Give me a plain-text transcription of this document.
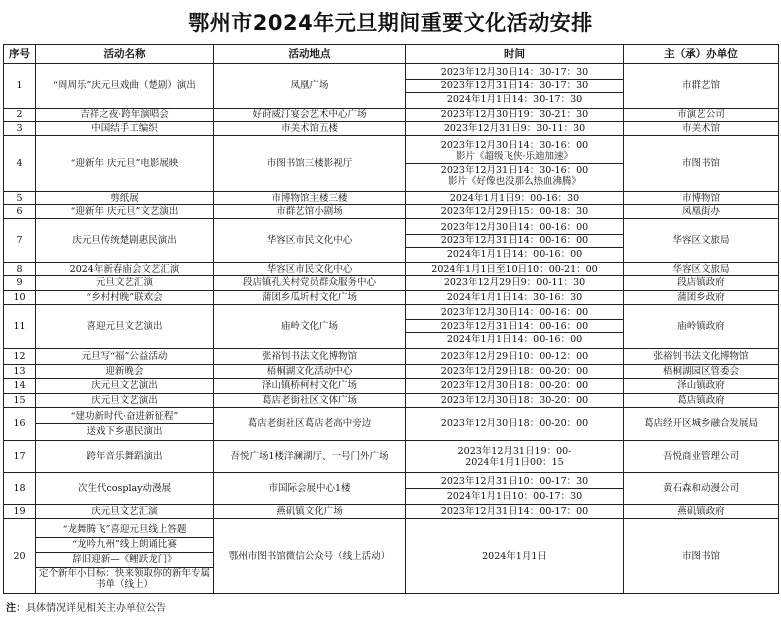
鄂州市2024年元旦期间重要文化活动安排
序号	活动名称	活动地点	时间	主（承）办单位
1	“周周乐”庆元旦戏曲（楚剧）演出	凤凰广场	2023年12月30日14：30-17：30
2023年12月31日14：30-17：30
2024年1月1日14：30-17：30	市群艺馆
2	吉祥之夜·跨年演唱会	好莳威汀宴会艺术中心广场	2023年12月30日19：30-21：30	市演艺公司
3	中国结手工编织	市美术馆五楼	2023年12月31日9：30-11：30	市美术馆
4	“迎新年 庆元旦”电影展映	市图书馆三楼影视厅	2023年12月30日14：30-16：00
影片《超级飞侠·乐迪加速》
2023年12月31日14：30-16：00
影片《好像也没那么热血沸腾》	市图书馆
5	剪纸展	市博物馆主楼三楼	2024年1月1日9：00-16：30	市博物馆
6	“迎新年 庆元旦”文艺演出	市群艺馆小剧场	2023年12月29日15：00-18：30	凤凰街办
7	庆元旦传统楚剧惠民演出	华容区市民文化中心	2023年12月30日14：00-16：00
2023年12月31日14：00-16：00
2024年1月1日14：00-16：00	华容区文旅局
8	2024年新春庙会文艺汇演	华容区市民文化中心	2024年1月1日至10日10：00-21：00	华容区文旅局
9	元旦文艺汇演	段店镇孔关村党员群众服务中心	2023年12月29日9：00-11：30	段店镇政府
10	“乡村村晚”联欢会	蒲团乡瓜圻村文化广场	2024年1月1日14：30-16：30	蒲团乡政府
11	喜迎元旦文艺演出	庙岭文化广场	2023年12月30日14：00-16：00
2023年12月31日14：00-16：00
2024年1月1日14：00-16：00	庙岭镇政府
12	元旦写“福”公益活动	张裕钊书法文化博物馆	2023年12月29日10：00-12：00	张裕钊书法文化博物馆
13	迎新晚会	梧桐湖文化活动中心	2023年12月29日18：00-20：00	梧桐湖园区管委会
14	庆元旦文艺演出	泽山镇桥柯村文化广场	2023年12月30日18：00-20：00	泽山镇政府
15	庆元旦文艺演出	葛店老街社区文体广场	2023年12月30日18：30-20：00	葛店镇政府
16	“建功新时代·奋进新征程”
送戏下乡惠民演出	葛店老街社区葛店老高中旁边	2023年12月30日18：00-20：00	葛店经开区城乡融合发展局
17	跨年音乐舞蹈演出	吾悦广场1楼洋澜湖厅、一号门外广场	2023年12月31日19：00-
2024年1月1日00：15	吾悦商业管理公司
18	次生代cosplay动漫展	市国际会展中心1楼	2023年12月31日10：00-17：30
2024年1月1日10：00-17：30	黄石森和动漫公司
19	庆元旦文艺汇演	燕矶镇文化广场	2023年12月31日14：00-17：00	燕矶镇政府
20	“龙舞腾飞”喜迎元旦线上答题
“龙吟九州”线上朗诵比赛
辞旧迎新—《鲤跃龙门》
定个新年小目标：快来领取你的新年专属书单（线上）	鄂州市图书馆微信公众号（线上活动）	2024年1月1日	市图书馆
注：具体情况详见相关主办单位公告
